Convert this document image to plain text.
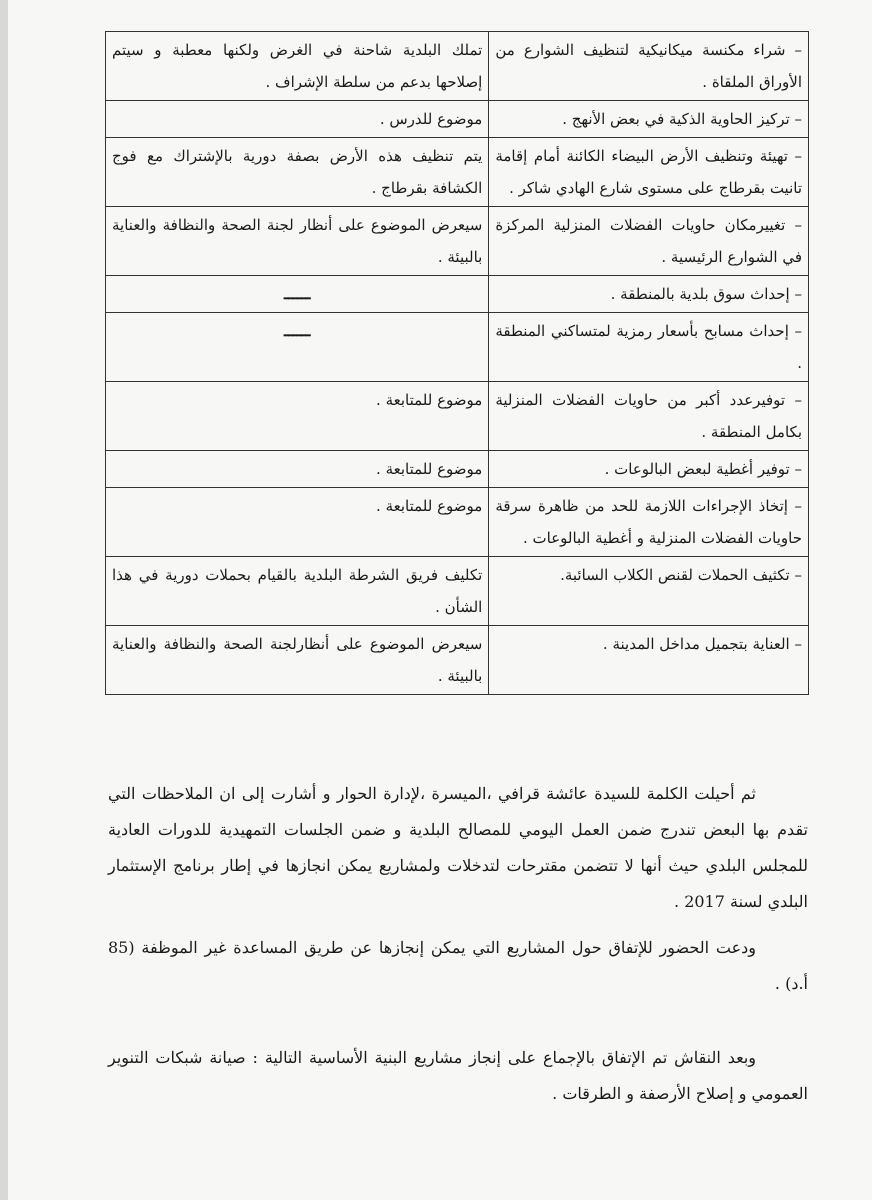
– شراء مكنسة ميكانيكية لتنظيف الشوارع من الأوراق الملقاة .	تملك البلدية شاحنة في الغرض ولكنها معطبة و سيتم إصلاحها بدعم من سلطة الإشراف .
– تركيز الحاوية الذكية في بعض الأنهج .	موضوع للدرس .
– تهيئة وتنظيف الأرض البيضاء الكائنة أمام إقامة تانيت بقرطاج على مستوى شارع الهادي شاكر .	يتم تنظيف هذه الأرض بصفة دورية بالإشتراك مع فوج الكشافة بقرطاج .
– تغييرمكان حاويات الفضلات المنزلية المركزة في الشوارع الرئيسية .	سيعرض الموضوع على أنظار لجنة الصحة والنظافة والعناية بالبيئة .
– إحداث سوق بلدية بالمنطقة .	ــــــ

– إحداث مسابح بأسعار رمزية لمتساكني المنطقة .	ــــــ

– توفيرعدد أكبر من حاويات الفضلات المنزلية بكامل المنطقة .	موضوع للمتابعة .
– توفير أغطية لبعض البالوعات .	موضوع للمتابعة .
– إتخاذ الإجراءات اللازمة للحد من ظاهرة سرقة حاويات الفضلات المنزلية و أغطية البالوعات .	موضوع للمتابعة .
– تكثيف الحملات لقنص الكلاب السائبة.	تكليف فريق الشرطة البلدية بالقيام بحملات دورية في هذا الشأن .
– العناية بتجميل مداخل المدينة .	سيعرض الموضوع على أنظارلجنة الصحة والنظافة والعناية بالبيئة .

ثم أحيلت الكلمة للسيدة عائشة قرافي ،المیسرة ،لإدارة الحوار و أشارت إلى ان الملاحظات التي تقدم بها البعض تندرج ضمن العمل اليومي للمصالح البلدية و ضمن الجلسات التمهيدية للدورات العادية للمجلس البلدي حيث أنها لا تتضمن مقترحات لتدخلات ولمشاريع يمكن انجازها في إطار برنامج الإستثمار البلدي لسنة 2017 .

ودعت الحضور للإتفاق حول المشاريع التي يمكن إنجازها عن طريق المساعدة غير الموظفة (85 أ.د) .

وبعد النقاش تم الإتفاق بالإجماع على إنجاز مشاريع البنية الأساسية التالية : صيانة شبكات التنوير العمومي و إصلاح الأرصفة و الطرقات .
